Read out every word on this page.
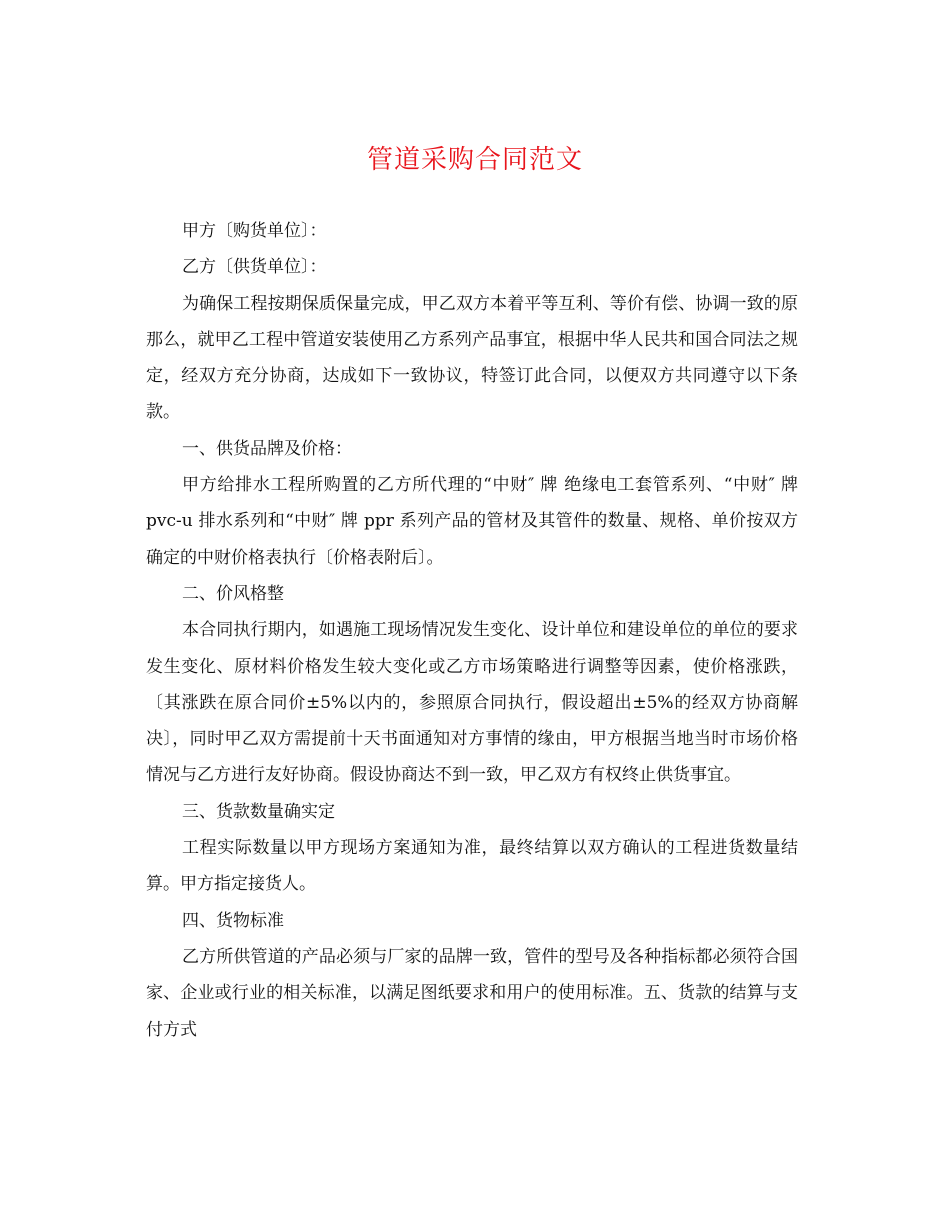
管道采购合同范文

甲方〔购货单位〕：

乙方〔供货单位〕：

为确保工程按期保质保量完成，甲乙双方本着平等互利、等价有偿、协调一致的原那么，就甲乙工程中管道安装使用乙方系列产品事宜，根据中华人民共和国合同法之规定，经双方充分协商，达成如下一致协议，特签订此合同，以便双方共同遵守以下条款。

一、供货品牌及价格：

甲方给排水工程所购置的乙方所代理的“中财″ 牌 绝缘电工套管系列、“中财″ 牌 pvc-u 排水系列和“中财″ 牌 ppr 系列产品的管材及其管件的数量、规格、单价按双方确定的中财价格表执行〔价格表附后〕。

二、价风格整

本合同执行期内，如遇施工现场情况发生变化、设计单位和建设单位的单位的要求发生变化、原材料价格发生较大变化或乙方市场策略进行调整等因素，使价格涨跌，〔其涨跌在原合同价±5%以内的，参照原合同执行，假设超出±5%的经双方协商解决〕，同时甲乙双方需提前十天书面通知对方事情的缘由，甲方根据当地当时市场价格情况与乙方进行友好协商。假设协商达不到一致，甲乙双方有权终止供货事宜。

三、货款数量确实定

工程实际数量以甲方现场方案通知为准，最终结算以双方确认的工程进货数量结算。甲方指定接货人。

四、货物标准

乙方所供管道的产品必须与厂家的品牌一致，管件的型号及各种指标都必须符合国家、企业或行业的相关标准，以满足图纸要求和用户的使用标准。五、货款的结算与支付方式
